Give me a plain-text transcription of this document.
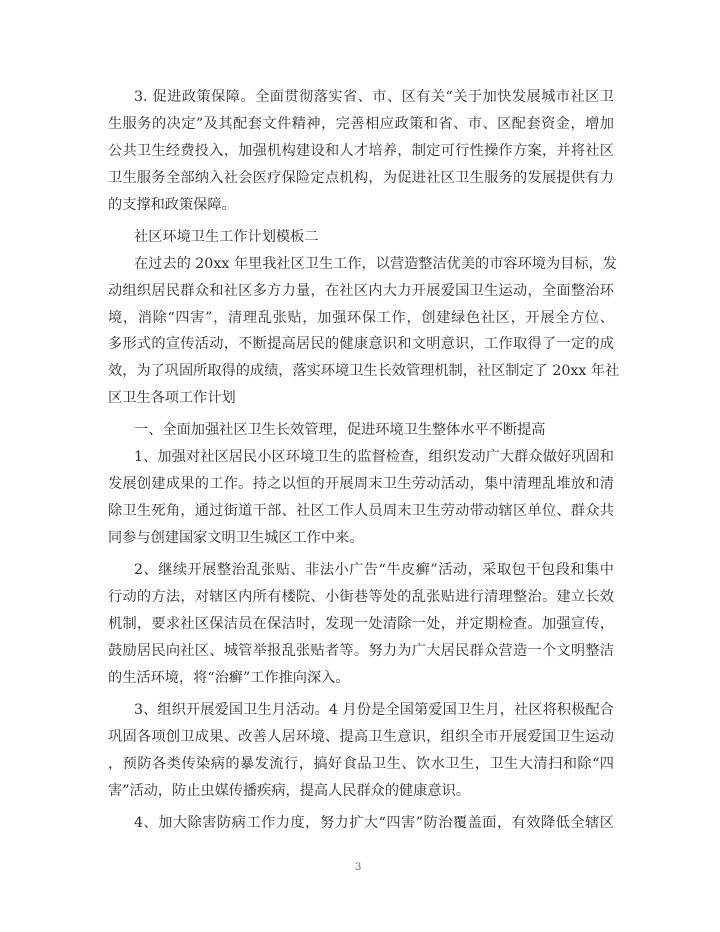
3. 促进政策保障。全面贯彻落实省、市、区有关“关于加快发展城市社区卫
生服务的决定”及其配套文件精神，完善相应政策和省、市、区配套资金，增加
公共卫生经费投入，加强机构建设和人才培养，制定可行性操作方案，并将社区
卫生服务全部纳入社会医疗保险定点机构，为促进社区卫生服务的发展提供有力
的支撑和政策保障。
社区环境卫生工作计划模板二
在过去的 20xx 年里我社区卫生工作，以营造整洁优美的市容环境为目标，发
动组织居民群众和社区多方力量，在社区内大力开展爱国卫生运动，全面整治环
境，消除“四害”，清理乱张贴，加强环保工作，创建绿色社区，开展全方位、
多形式的宣传活动，不断提高居民的健康意识和文明意识，工作取得了一定的成
效，为了巩固所取得的成绩，落实环境卫生长效管理机制，社区制定了 20xx 年社
区卫生各项工作计划
一、全面加强社区卫生长效管理，促进环境卫生整体水平不断提高
1、加强对社区居民小区环境卫生的监督检查，组织发动广大群众做好巩固和
发展创建成果的工作。持之以恒的开展周末卫生劳动活动，集中清理乱堆放和清
除卫生死角，通过街道干部、社区工作人员周末卫生劳动带动辖区单位、群众共
同参与创建国家文明卫生城区工作中来。
2、继续开展整治乱张贴、非法小广告“牛皮癣”活动，采取包干包段和集中
行动的方法，对辖区内所有楼院、小街巷等处的乱张贴进行清理整治。建立长效
机制，要求社区保洁员在保洁时，发现一处清除一处，并定期检查。加强宣传，
鼓励居民向社区、城管举报乱张贴者等。努力为广大居民群众营造一个文明整洁
的生活环境，将“治癣”工作推向深入。
3、组织开展爱国卫生月活动。4 月份是全国第爱国卫生月，社区将积极配合
巩固各项创卫成果、改善人居环境、提高卫生意识，组织全市开展爱国卫生运动
，预防各类传染病的暴发流行，搞好食品卫生、饮水卫生，卫生大清扫和除“四
害”活动，防止虫媒传播疾病，提高人民群众的健康意识。
4、加大除害防病工作力度，努力扩大“四害”防治覆盖面，有效降低全辖区
3
